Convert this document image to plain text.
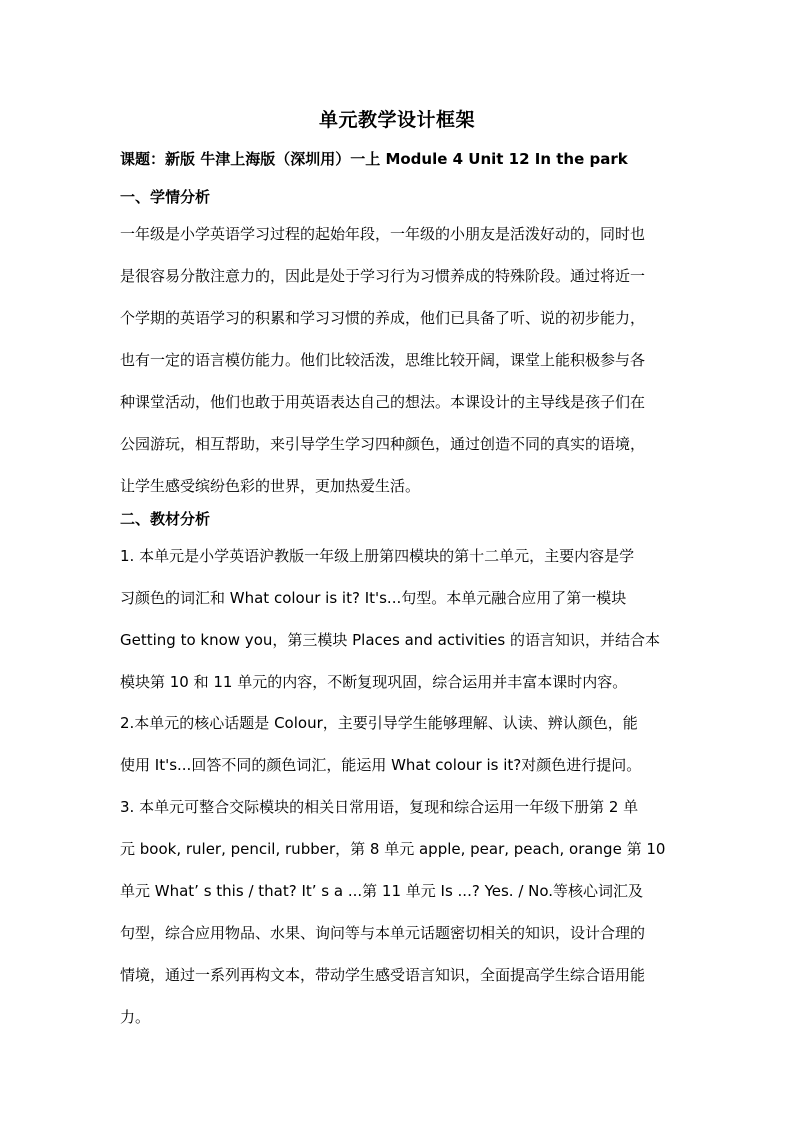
单元教学设计框架
课题：新版 牛津上海版（深圳用）一上 Module 4 Unit 12 In the park
一、学情分析
一年级是小学英语学习过程的起始年段，一年级的小朋友是活泼好动的，同时也
是很容易分散注意力的，因此是处于学习行为习惯养成的特殊阶段。通过将近一
个学期的英语学习的积累和学习习惯的养成，他们已具备了听、说的初步能力，
也有一定的语言模仿能力。他们比较活泼，思维比较开阔，课堂上能积极参与各
种课堂活动，他们也敢于用英语表达自己的想法。本课设计的主导线是孩子们在
公园游玩，相互帮助，来引导学生学习四种颜色，通过创造不同的真实的语境，
让学生感受缤纷色彩的世界，更加热爱生活。
二、教材分析
1. 本单元是小学英语沪教版一年级上册第四模块的第十二单元，主要内容是学
习颜色的词汇和 What colour is it? It's...句型。本单元融合应用了第一模块
Getting to know you，第三模块 Places and activities 的语言知识，并结合本
模块第 10 和 11 单元的内容，不断复现巩固，综合运用并丰富本课时内容。
2.本单元的核心话题是 Colour，主要引导学生能够理解、认读、辨认颜色，能
使用 It's...回答不同的颜色词汇，能运用 What colour is it?对颜色进行提问。
3. 本单元可整合交际模块的相关日常用语，复现和综合运用一年级下册第 2 单
元 book, ruler, pencil, rubber，第 8 单元 apple, pear, peach, orange 第 10
单元 What’ s this / that? It’ s a ...第 11 单元 Is ...? Yes. / No.等核心词汇及
句型，综合应用物品、水果、询问等与本单元话题密切相关的知识，设计合理的
情境，通过一系列再构文本，带动学生感受语言知识，全面提高学生综合语用能
力。
